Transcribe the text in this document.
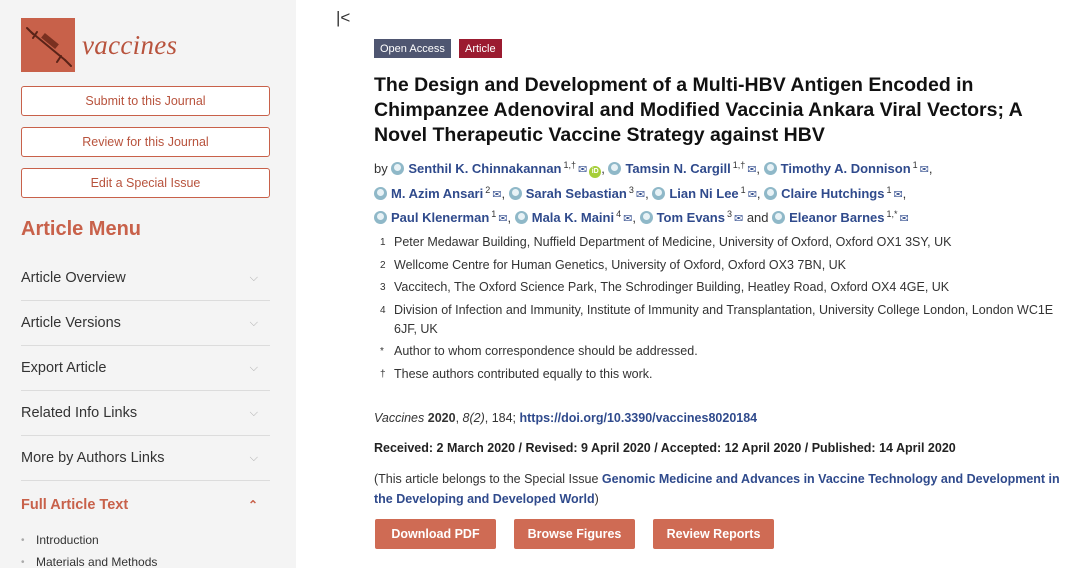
vaccines
Submit to this Journal
Review for this Journal
Edit a Special Issue
Article Menu
Article Overview	⌵
Article Versions	⌵
Export Article	⌵
Related Info Links	⌵
More by Authors Links	⌵
Full Article Text	⌃
• Introduction
• Materials and Methods
|<
Open Access	Article
The Design and Development of a Multi-HBV Antigen Encoded in Chimpanzee Adenoviral and Modified Vaccinia Ankara Viral Vectors; A Novel Therapeutic Vaccine Strategy against HBV
by Senthil K. Chinnakannan $^{1,\dagger}$ ✉ iD , Tamsin N. Cargill $^{1,\dagger}$ ✉, Timothy A. Donnison $^1$ ✉,
M. Azim Ansari $^2$ ✉, Sarah Sebastian $^3$ ✉, Lian Ni Lee $^1$ ✉, Claire Hutchings $^1$ ✉,
Paul Klenerman $^1$ ✉, Mala K. Maini $^4$ ✉, Tom Evans $^3$ ✉ and Eleanor Barnes $^{1,*}$ ✉
1 Peter Medawar Building, Nuffield Department of Medicine, University of Oxford, Oxford OX1 3SY, UK
2 Wellcome Centre for Human Genetics, University of Oxford, Oxford OX3 7BN, UK
3 Vaccitech, The Oxford Science Park, The Schrodinger Building, Heatley Road, Oxford OX4 4GE, UK
4 Division of Infection and Immunity, Institute of Immunity and Transplantation, University College London, London WC1E 6JF, UK
* Author to whom correspondence should be addressed.
† These authors contributed equally to this work.
Vaccines 2020, 8(2), 184; https://doi.org/10.3390/vaccines8020184
Received: 2 March 2020 / Revised: 9 April 2020 / Accepted: 12 April 2020 / Published: 14 April 2020
(This article belongs to the Special Issue Genomic Medicine and Advances in Vaccine Technology and Development in the Developing and Developed World)
Download PDF	Browse Figures	Review Reports
